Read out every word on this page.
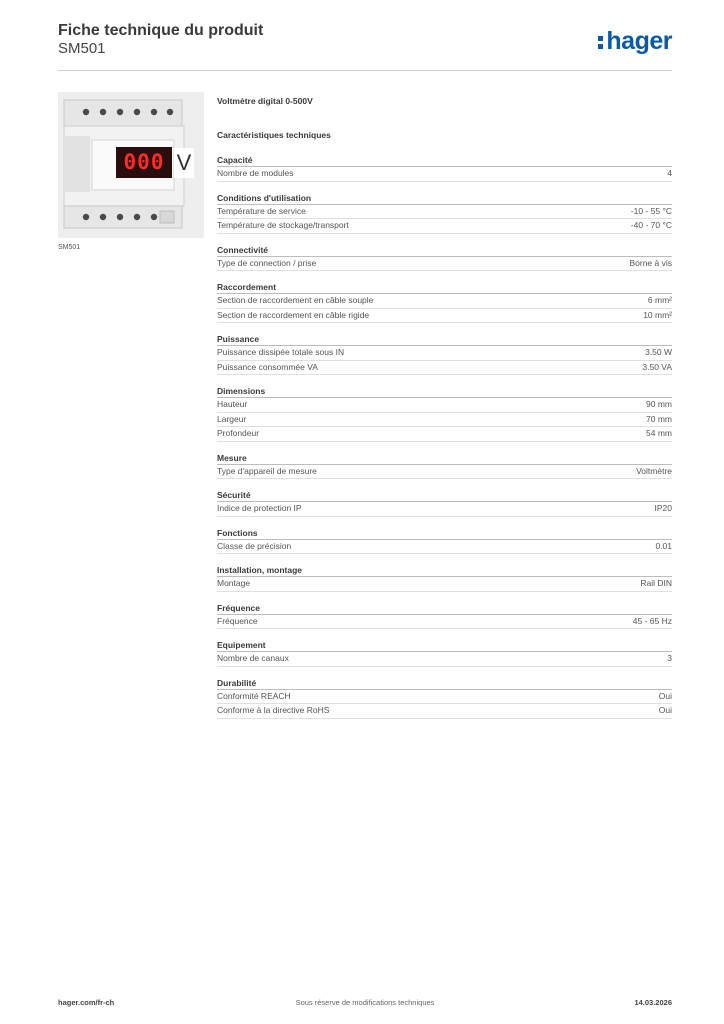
Fiche technique du produit
SM501	hager
000 V
SM501
Voltmètre digital 0-500V
Caractéristiques techniques
Capacité
Nombre de modules	4
Conditions d'utilisation
Température de service	-10 - 55 °C
Température de stockage/transport	-40 - 70 °C
Connectivité
Type de connection / prise	Borne à vis
Raccordement
Section de raccordement en câble souple	6 mm²
Section de raccordement en câble rigide	10 mm²
Puissance
Puissance dissipée totale sous IN	3.50 W
Puissance consommée VA	3.50 VA
Dimensions
Hauteur	90 mm
Largeur	70 mm
Profondeur	54 mm
Mesure
Type d'appareil de mesure	Voltmètre
Sécurité
Indice de protection IP	IP20
Fonctions
Classe de précision	0.01
Installation, montage
Montage	Rail DIN
Fréquence
Fréquence	45 - 65 Hz
Equipement
Nombre de canaux	3
Durabilité
Conformité REACH	Oui
Conforme à la directive RoHS	Oui
Sous réserve de modifications techniques
hager.com/fr-ch	14.03.2026
